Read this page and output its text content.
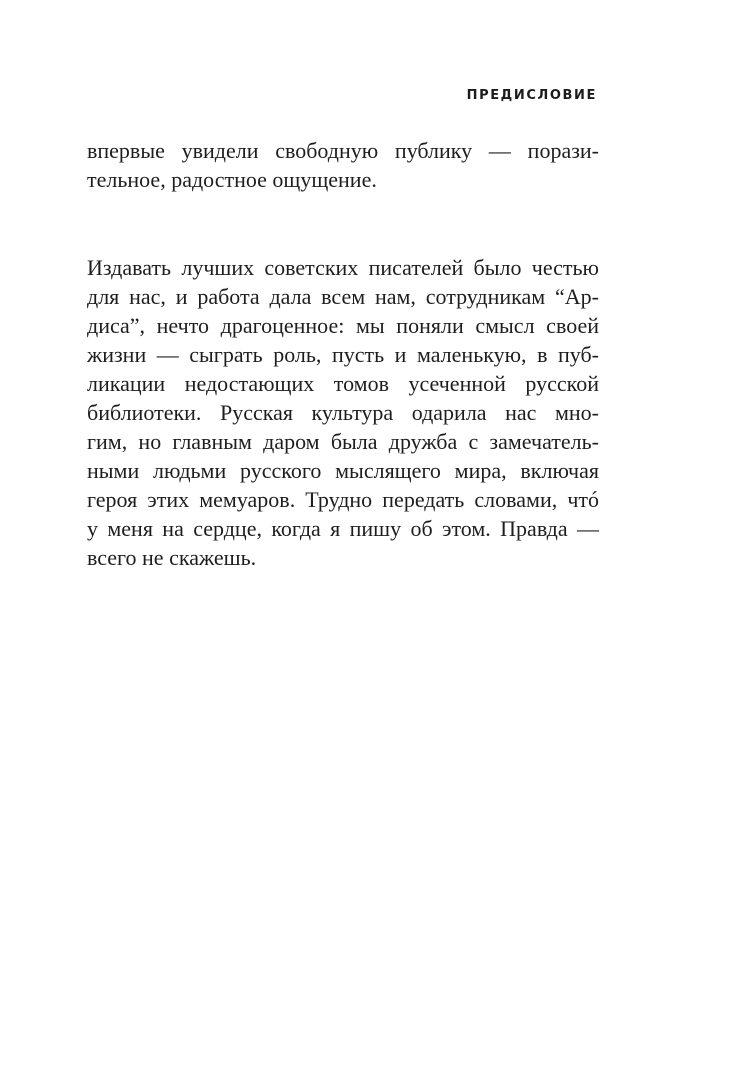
ПРЕДИСЛОВИЕ
впервые увидели свободную публику — порази-
тельное, радостное ощущение.
Издавать лучших советских писателей было честью
для нас, и работа дала всем нам, сотрудникам “Ар-
диса”, нечто драгоценное: мы поняли смысл своей
жизни — сыграть роль, пусть и маленькую, в пуб-
ликации недостающих томов усеченной русской
библиотеки. Русская культура одарила нас мно-
гим, но главным даром была дружба с замечатель-
ными людьми русского мыслящего мира, включая
героя этих мемуаров. Трудно передать словами, чтó
у меня на сердце, когда я пишу об этом. Правда —
всего не скажешь.
